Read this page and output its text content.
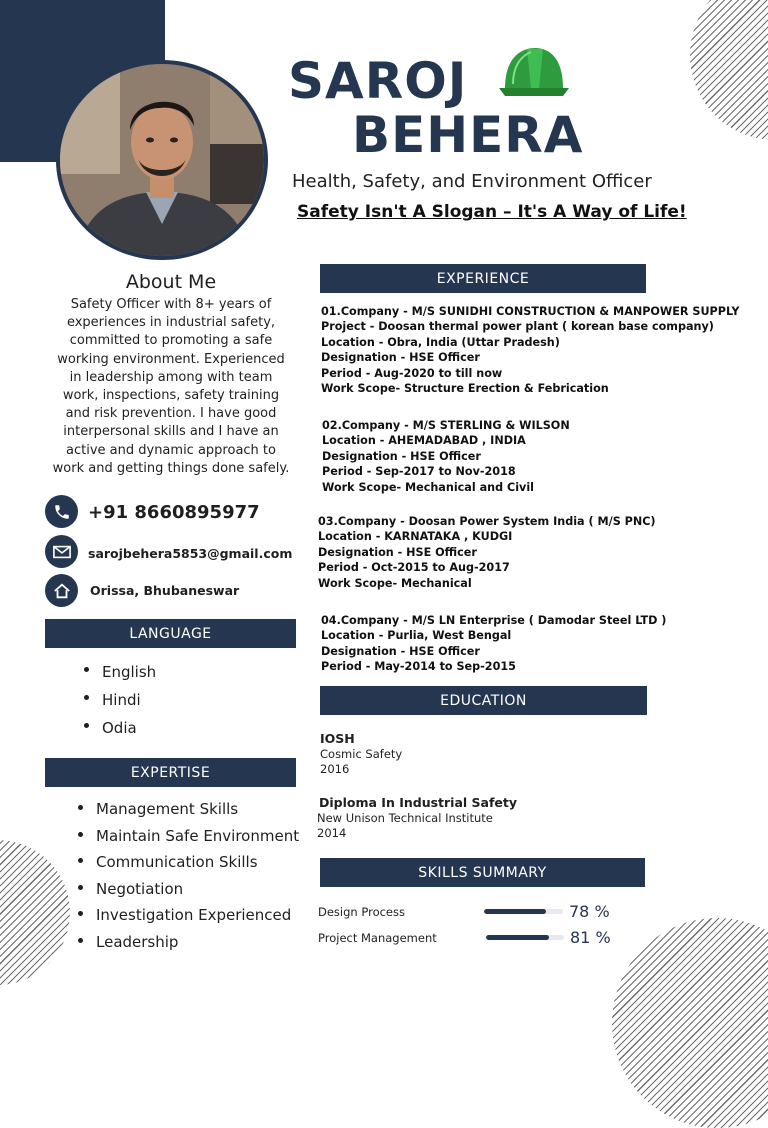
SAROJ
BEHERA
Health, Safety, and Environment Officer
Safety Isn't A Slogan – It's A Way of Life!
About Me
Safety Officer with 8+ years of experiences in industrial safety, committed to promoting a safe working environment. Experienced in leadership among with team work, inspections, safety training and risk prevention. I have good interpersonal skills and I have an active and dynamic approach to work and getting things done safely.
+91 8660895977
sarojbehera5853@gmail.com
Orissa, Bhubaneswar
LANGUAGE
English
Hindi
Odia
EXPERTISE
Management Skills
Maintain Safe Environment
Communication Skills
Negotiation
Investigation Experienced
Leadership
EXPERIENCE
01.Company - M/S SUNIDHI CONSTRUCTION & MANPOWER SUPPLY
Project - Doosan thermal power plant ( korean base company)
Location - Obra, India (Uttar Pradesh)
Designation - HSE Officer
Period - Aug-2020 to till now
Work Scope- Structure Erection & Febrication
02.Company - M/S STERLING & WILSON
Location - AHEMADABAD , INDIA
Designation - HSE Officer
Period - Sep-2017 to Nov-2018
Work Scope- Mechanical and Civil
03.Company - Doosan Power System India ( M/S PNC)
Location - KARNATAKA , KUDGI
Designation - HSE Officer
Period - Oct-2015 to Aug-2017
Work Scope- Mechanical
04.Company - M/S LN Enterprise ( Damodar Steel LTD )
Location - Purlia, West Bengal
Designation - HSE Officer
Period - May-2014 to Sep-2015
EDUCATION
IOSH
Cosmic Safety
2016
Diploma In Industrial Safety
New Unison Technical Institute
2014
SKILLS SUMMARY
Design Process	78 %
Project Management	81 %
